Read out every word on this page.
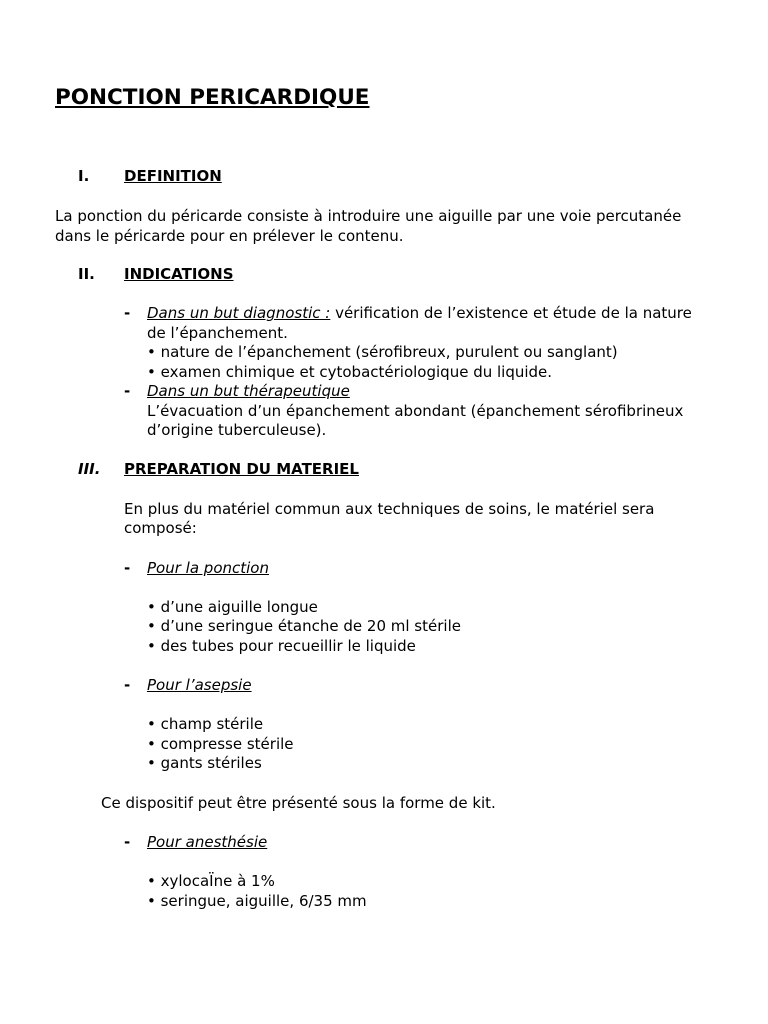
PONCTION PERICARDIQUE
I. DEFINITION
La ponction du péricarde consiste à introduire une aiguille par une voie percutanée
dans le péricarde pour en prélever le contenu.
II. INDICATIONS
- Dans un but diagnostic : vérification de l’existence et étude de la nature
de l’épanchement.
• nature de l’épanchement (sérofibreux, purulent ou sanglant)
• examen chimique et cytobactériologique du liquide.
- Dans un but thérapeutique
L’évacuation d’un épanchement abondant (épanchement sérofibrineux
d’origine tuberculeuse).
III. PREPARATION DU MATERIEL
En plus du matériel commun aux techniques de soins, le matériel sera
composé:
- Pour la ponction
• d’une aiguille longue
• d’une seringue étanche de 20 ml stérile
• des tubes pour recueillir le liquide
- Pour l’asepsie
• champ stérile
• compresse stérile
• gants stériles
Ce dispositif peut être présenté sous la forme de kit.
- Pour anesthésie
• xylocaÏne à 1%
• seringue, aiguille, 6/35 mm
